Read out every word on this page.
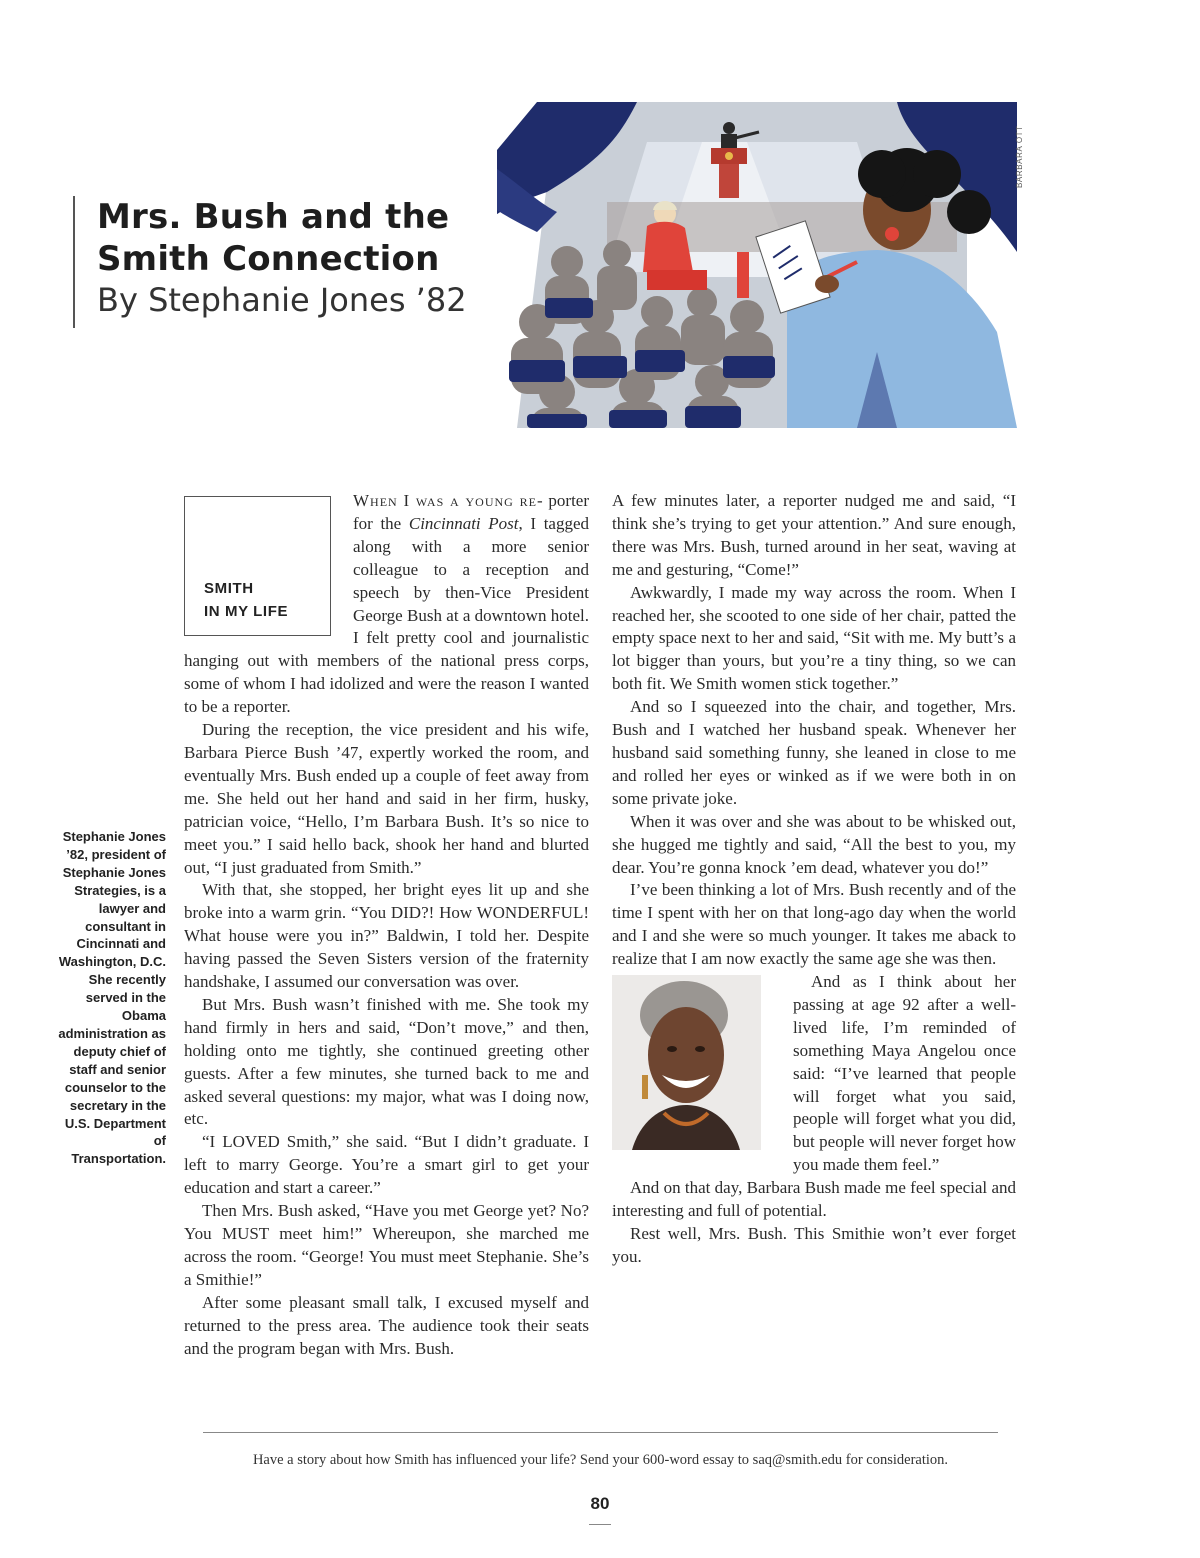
Mrs. Bush and the
Smith Connection

By Stephanie Jones ’82

BARBARA OTT
Stephanie Jones ’82, president of Stephanie Jones Strategies, is a lawyer and consultant in Cincinnati and Washington, D.C. She recently served in the Obama administration as deputy chief of staff and senior counselor to the secretary in the U.S. Department of Transportation.
SMITH
IN MY LIFE

When I was a young re- porter for the Cincinnati Post, I tagged along with a more senior colleague to a reception and speech by then-Vice President George Bush at a downtown hotel. I felt pretty cool and journalistic hanging out with members of the national press corps, some of whom I had idolized and were the reason I wanted to be a reporter.

During the reception, the vice president and his wife, Barbara Pierce Bush ’47, expertly worked the room, and eventually Mrs. Bush ended up a couple of feet away from me. She held out her hand and said in her firm, husky, patrician voice, “Hello, I’m Barbara Bush. It’s so nice to meet you.” I said hello back, shook her hand and blurted out, “I just graduated from Smith.”

With that, she stopped, her bright eyes lit up and she broke into a warm grin. “You DID?! How WONDERFUL! What house were you in?” Baldwin, I told her. Despite having passed the Seven Sisters version of the fraternity handshake, I assumed our conversation was over.

But Mrs. Bush wasn’t finished with me. She took my hand firmly in hers and said, “Don’t move,” and then, holding onto me tightly, she continued greeting other guests. After a few minutes, she turned back to me and asked several questions: my major, what was I doing now, etc.

“I LOVED Smith,” she said. “But I didn’t graduate. I left to marry George. You’re a smart girl to get your education and start a career.”

Then Mrs. Bush asked, “Have you met George yet? No? You MUST meet him!” Whereupon, she marched me across the room. “George! You must meet Stephanie. She’s a Smithie!”

After some pleasant small talk, I excused myself and returned to the press area. The audience took their seats and the program began with Mrs. Bush.

A few minutes later, a reporter nudged me and said, “I think she’s trying to get your attention.” And sure enough, there was Mrs. Bush, turned around in her seat, waving at me and gesturing, “Come!”

Awkwardly, I made my way across the room. When I reached her, she scooted to one side of her chair, patted the empty space next to her and said, “Sit with me. My butt’s a lot bigger than yours, but you’re a tiny thing, so we can both fit. We Smith women stick together.”

And so I squeezed into the chair, and together, Mrs. Bush and I watched her husband speak. Whenever her husband said something funny, she leaned in close to me and rolled her eyes or winked as if we were both in on some private joke.

When it was over and she was about to be whisked out, she hugged me tightly and said, “All the best to you, my dear. You’re gonna knock ’em dead, whatever you do!”

I’ve been thinking a lot of Mrs. Bush recently and of the time I spent with her on that long-ago day when the world and I and she were so much younger. It takes me aback to realize that I am now exactly the same age she was then.

And as I think about her passing at age 92 after a well-lived life, I’m reminded of something Maya Angelou once said: “I’ve learned that people will forget what you said, people will forget what you did, but people will never forget how you made them feel.”

And on that day, Barbara Bush made me feel special and interesting and full of potential.

Rest well, Mrs. Bush. This Smithie won’t ever forget you.

Have a story about how Smith has influenced your life? Send your 600-word essay to saq@smith.edu for consideration.
80
